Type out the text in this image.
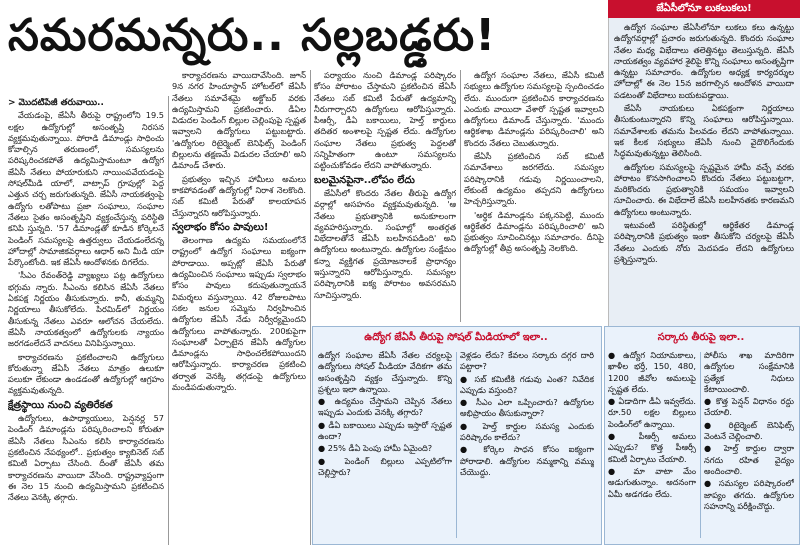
సమరమన్నరు.. సల్లబడ్డరు!
> మొదటిపేజీ తరువాయి..

వేయడంపై, జేఏసీ తీరుపై రాష్ట్రంలోని 19.5 లక్షల ఉద్యోగుల్లో అసంతృప్తి నిరసన వ్యక్తమవుతున్నాయి. పోరాడి డిమాండ్లు సాధించు కోవాల్సిన తరుణంలో, సమస్యలను పరిష్కరించకపోతే ఉద్యమిస్తామంటూ ఉద్యోగ జేఏసీ నేతలు పోయారుకుని నాయింపవేయడంపై సోషల్‌మీడి యాలో, వాట్సాప్ గ్రూపుల్లో పెద్ద ఎత్తున చర్చ జరుగుతున్నది. జేఏసీ నాయకత్వంపై ఉద్యోగు లతోపాటు ప్రజా సంఘాలు, సంఘాల నేతలు సైతం అసంతృప్తిని వ్యక్తంచేస్తున్న పరిస్థితి కనిపి స్తున్నది. '57 డిమాండ్లతో కూడిన కోర్కెలనే పెండింగ్ సమస్యలపై ఉత్తర్వులు చేయడంలేదన్న హోదాల్లో సామాజికవర్గాలు ఆధార్ అని మీడి యా పేర్కొంటోంది. ఇక జేఏసీ ఆందోళనకు దిగలేదు.

'సీఎం రేవంత్‌రెడ్డి వ్యాఖ్యలు పట్ల ఉద్యోగులు భగ్గుమ న్నారు. సీఎంను కలిసిన జేఏసీ నేతలు ఏకపక్ష నిర్ణయం తీసుకున్నారు. కానీ, తుమ్మన్ని నిర్ణయాలు తీసుకోలేదు. పిరమిడ్‌లో నిర్ణయం తీసుకున్న నేతలు ఎవరూ ఆలోచన చేయలేదు. జేఏసీ నాయకత్వంలో ఉద్యోగులకు న్యాయం జరగడంలేదనే వాదనలు వినిపిస్తున్నాయి.

కార్యాచరణను ప్రకటించాలని ఉద్యోగులు కోరుతున్నా జేఏసీ నేతలు మాత్రం ఉలుకూ పలుకూ లేకుండా ఉండడంతో ఉద్యోగుల్లో ఆగ్రహం వ్యక్తమవుతున్నది.

క్షేత్రస్థాయి నుంచి వ్యతిరేకత

ఉద్యోగులు, ఉపాధ్యాయులు, పెన్షనర్ల 57 పెండింగ్ డిమాండ్లను పరిష్కరించాలని కోరుతూ జేఏసీ నేతలు సీఎంను కలిసి కార్యాచరణను ప్రకటించిన నేపథ్యంలో.. ప్రభుత్వం క్యాబినెట్ సబ్ కమిటీ ఏర్పాటు చేసింది. దీంతో జేఏసీ తమ కార్యాచరణను వాయిదా వేసింది. రాష్ట్రవ్యాప్తంగా ఈ నెల 15 నుంచి ఉద్యమిస్తామని ప్రకటించిన నేతలు వెనక్కి తగ్గారు.

కార్యాచరణను వాయిదావేసింది. జూన్ 9న నగర హిందూస్థాన్ హోటల్‌లో జేఏసీ నేతలు సమావేశమై అక్టోబర్ వరకు ఉద్యమిస్తామని ప్రకటించారు. డీఏల విడుదల పెండింగ్ బిల్లుల చెల్లింపుపై స్పష్టత ఇవ్వాలని ఉద్యోగులు పట్టుబట్టారు. 'ఉద్యోగుల రిటైర్మెంట్ బెనిఫిట్స్ పెండింగ్ బిల్లులను తక్షణమే విడుదల చేయాలి' అని డిమాండ్ చేశారు.

ప్రభుత్వం ఇచ్చిన హామీలు అమలు కాకపోవడంతో ఉద్యోగుల్లో నిరాశ నెలకొంది. సబ్ కమిటీ పేరుతో కాలయాపన చేస్తున్నారని ఆరోపిస్తున్నారు.

స్వలాభం కోసం పావులు!

తెలంగాణ ఉద్యమ సమయంలోనే రాష్ట్రంలో ఉద్యోగ సంఘాలు ఐక్యంగా పోరాడాయి. అప్పట్లో జేఏసీ పేరుతో ఉద్యమించిన సంఘాలు ఇప్పుడు స్వలాభం కోసం పావులు కదుపుతున్నాయనే విమర్శలు వస్తున్నాయి. 42 రోజులపాటు సకల జనుల సమ్మెను నిర్వహించిన ఉద్యోగుల జేఏసీ నేడు నిర్వీర్యమైందని ఉద్యోగులు వాపోతున్నారు. 200కుపైగా సంఘాలతో ఏర్పాటైన జేఏసీ ఉద్యోగుల డిమాండ్లను సాధించలేకపోయిందని ఆరోపిస్తున్నారు. కార్యాచరణ ప్రకటించి తర్వాత వెనక్కి తగ్గడంపై ఉద్యోగులు మండిపడుతున్నారు.

పర్యాయం నుంచి డిమాండ్ల పరిష్కారం కోసం పోరాటం చేస్తామని ప్రకటించిన జేఏసీ నేతలు సబ్ కమిటీ పేరుతో ఉద్యమాన్ని నీరుగార్చారని ఉద్యోగులు ఆరోపిస్తున్నారు. పీఆర్సీ, డీఏ బకాయిలు, హెల్త్ కార్డులు తదితర అంశాలపై స్పష్టత లేదు. ఉద్యోగుల సంఘాల నేతలు ప్రభుత్వ పెద్దలతో సన్నిహితంగా ఉంటూ సమస్యలను పట్టించుకోవడం లేదని వాపోతున్నారు.

బలమైనపైనా..లోపం లేదు

జేఏసీలో కొందరు నేతల తీరుపై ఉద్యోగ వర్గాల్లో అసహనం వ్యక్తమవుతున్నది. 'ఆ నేతలు ప్రభుత్వానికి అనుకూలంగా వ్యవహరిస్తున్నారు. సంఘాల్లో అంతర్గత విభేదాలతోనే జేఏసీ బలహీనపడింది' అని ఉద్యోగులు అంటున్నారు. ఉద్యోగుల సంక్షేమం కన్నా వ్యక్తిగత ప్రయోజనాలకే ప్రాధాన్యం ఇస్తున్నారని ఆరోపిస్తున్నారు. సమస్యల పరిష్కారానికి ఐక్య పోరాటం అవసరమని సూచిస్తున్నారు.

ఉద్యోగ సంఘాల నేతలు, జేఏసీ కమిటీ సభ్యులు ఉద్యోగుల సమస్యలపై స్పందించడం లేదు. ముందుగా ప్రకటించిన కార్యాచరణను ఎందుకు వాయిదా వేశారో స్పష్టత ఇవ్వాలని ఉద్యోగులు డిమాండ్ చేస్తున్నారు. 'ముందు ఆర్థికశాఖ డిమాండ్లను పరిష్కరించాలి' అని కొందరు నేతలు చెబుతున్నారు.

జేఏసీ ప్రకటించిన సబ్ కమిటీ సమావేశాలు జరగలేదు. సమస్యల పరిష్కారానికి గడువు నిర్ణయించాలని, లేకుంటే ఉద్యమం తప్పదని ఉద్యోగులు హెచ్చరిస్తున్నారు.

'అర్థిక డిమాండ్లను పక్కనపెట్టి, ముందు ఆర్థికేతర డిమాండ్లను పరిష్కరించాలి' అని ప్రభుత్వం సూచించినట్లు సమాచారం. దీనిపై ఉద్యోగుల్లో తీవ్ర అసంతృప్తి నెలకొంది.

జేఏసీలోనూ లుకలుకలు!

ఉద్యోగ సంఘాల జేఏసీలోనూ లుకలు కలు ఉన్నట్టు ఉద్యోగవర్గాల్లో ప్రచారం జరుగుతున్నది. కొందరు సంఘాల నేతల మధ్య విభేదాలు తలెత్తినట్టు తెలుస్తున్నది. జేఏసీ నాయకత్వం వ్యవహార శైలిపై కొన్ని సంఘాలు అసంతృప్తిగా ఉన్నట్టు సమాచారం. ఉద్యోగుల అధ్యక్ష కార్యదర్శుల హోదాల్లో ఈ నెల 15న జరగాల్సిన ఆందోళన వాయిదా పడటంతో విభేదాలు బయటపడ్డాయి.

జేఏసీ నాయకులు ఏకపక్షంగా నిర్ణయాలు తీసుకుంటున్నారని కొన్ని సంఘాలు ఆరోపిస్తున్నాయి. సమావేశాలకు తమను పిలవడం లేదని వాపోతున్నాయి. ఇక కీలక సభ్యులు జేఏసీ నుంచి వైదొలిగేందుకు సిద్ధమవుతున్నట్టు తెలిసింది.

ఉద్యోగుల సమస్యలపై స్పష్టమైన హామీ వచ్చే వరకు పోరాటం కొనసాగించాలని కొందరు నేతలు పట్టుబట్టగా, మరికొందరు ప్రభుత్వానికి సమయం ఇవ్వాలని సూచించారు. ఈ విభేదాలే జేఏసీ బలహీనతకు కారణమని ఉద్యోగులు అంటున్నారు.

ఇటువంటి పరిస్థితుల్లో ఆర్థికేతర డిమాండ్ల పరిష్కారానికి ప్రభుత్వం ఇంకా తీసుకోని చర్యలపై జేఏసీ నేతలు ఎందుకు నోరు మెదపడం లేదని ఉద్యోగులు ప్రశ్నిస్తున్నారు.

ఉద్యోగ జేఏసీ తీరుపై సోషల్ మీడియాలో ఇలా..

ఉద్యోగ సంఘాల జేఏసీ నేతల చర్యలపై ఉద్యోగులు సోషల్ మీడియా వేదికగా తమ అసంతృప్తిని వ్యక్తం చేస్తున్నారు. కొన్ని ప్రశ్నలు ఇలా ఉన్నాయి.

● ఉద్యమం చేస్తామని చెప్పిన నేతలు ఇప్పుడు ఎందుకు వెనక్కి తగ్గారు?

● డీఏ బకాయిలు ఎప్పుడు ఇస్తారో స్పష్టత ఉందా?

● 25% డీఏ పెంపు హామీ ఏమైంది?

● పెండింగ్ బిల్లులు ఎప్పటిలోగా చెల్లిస్తారు?

వెళ్లడం లేదు? కేవలం సర్కారు దగ్గర దారి పట్టారా?

● సబ్ కమిటీకి గడువు ఎంత? నివేదిక ఎప్పుడు వస్తుంది?

● సీఎం ఎలా ఒప్పించారు? ఉద్యోగుల అభిప్రాయం తీసుకున్నారా?

● హెల్త్ కార్డుల సమస్య ఎందుకు పరిష్కారం కాలేదు?

● కోర్కెల సాధన కోసం ఐక్యంగా పోరాడాలి. ఉద్యోగుల నమ్మకాన్ని వమ్ము చేయొద్దు.

సర్కారు తీరుపై ఇలా..

● ఉద్యోగ నియామకాలు, ఖాళీల భర్తీ, 150, 480, 1200 జీవోల అమలుపై స్పష్టత లేదు.

● ఏడాదిగా డీఏ ఇవ్వలేదు. రూ.50 లక్షల బిల్లులు పెండింగ్‌లో ఉన్నాయి.

● పీఆర్సీ అమలు ఎప్పుడు? కొత్త పీఆర్సీ కమిటీ ఏర్పాటు చేయాలి.

● మా వాటా మేం అడుగుతున్నాం. అదనంగా ఏమీ అడగడం లేదు.

పోలీసు శాఖ మాదిరిగా ఉద్యోగుల సంక్షేమానికి ప్రత్యేక నిధులు కేటాయించాలి.

● కొత్త పెన్షన్ విధానం రద్దు చేయాలి.

● రిటైర్మెంట్ బెనిఫిట్స్ వెంటనే చెల్లించాలి.

● హెల్త్ కార్డుల ద్వారా నగదు రహిత వైద్యం అందించాలి.

● సమస్యల పరిష్కారంలో జాప్యం తగదు. ఉద్యోగుల సహనాన్ని పరీక్షించొద్దు.
